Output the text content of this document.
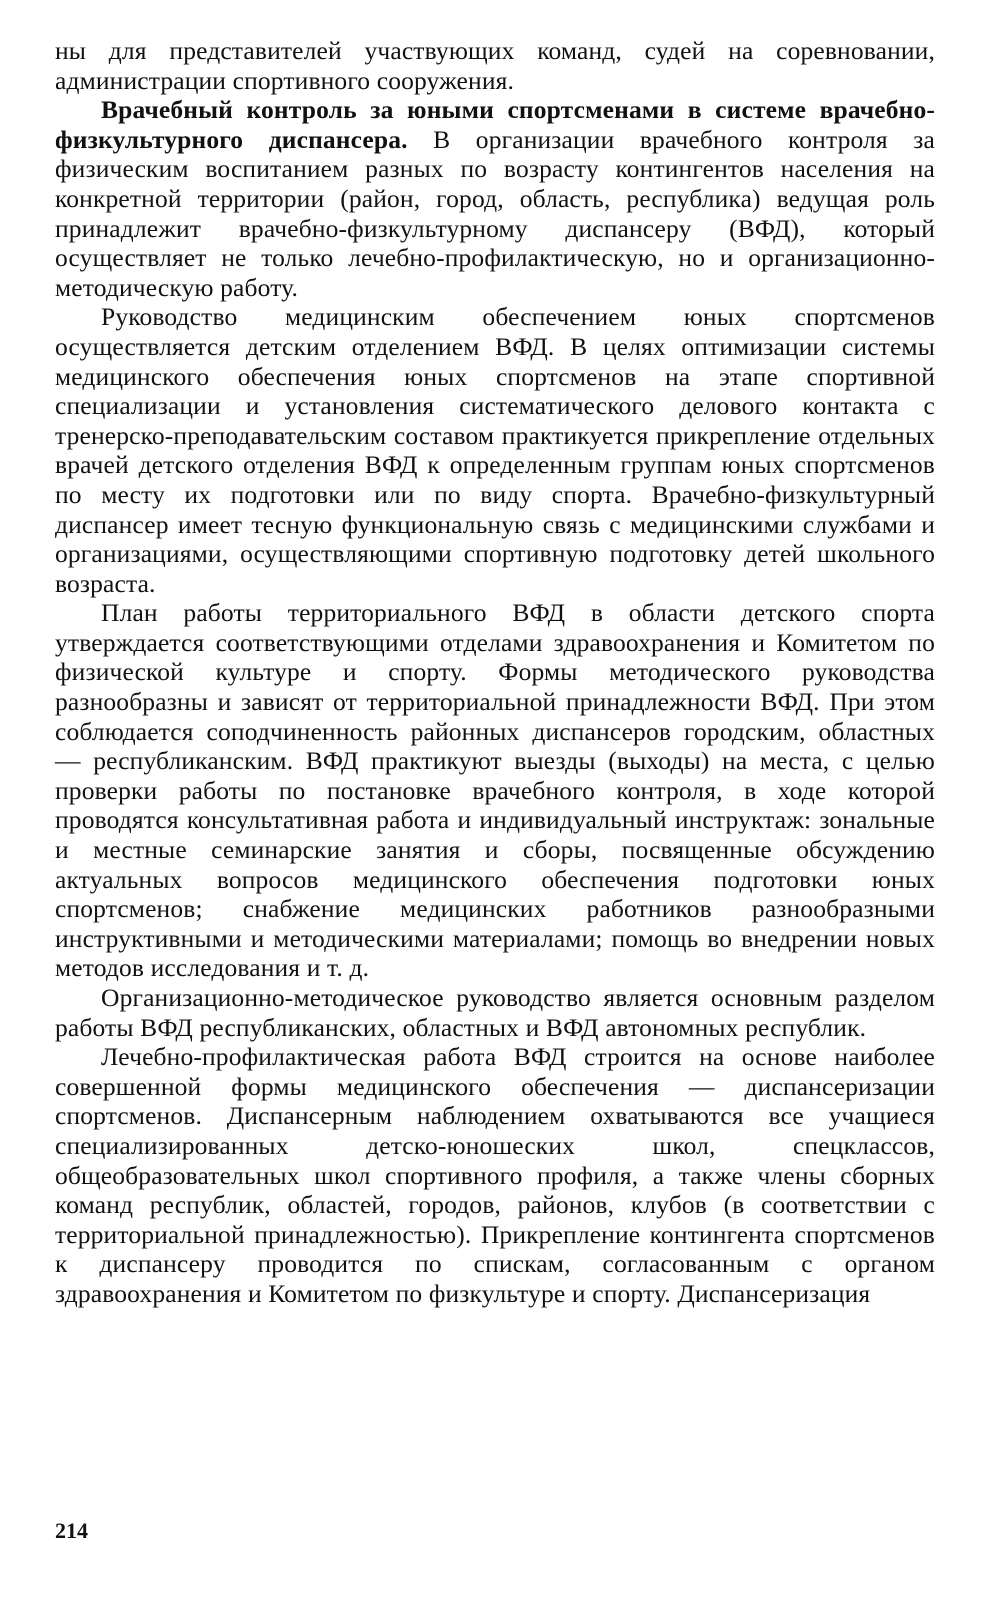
ны для представителей участвующих команд, судей на соревновании, администрации спортивного сооружения.

Врачебный контроль за юными спортсменами в системе врачебно-физкультурного диспансера. В организации врачебного контроля за физическим воспитанием разных по возрасту контингентов населения на конкретной территории (район, город, область, республика) ведущая роль принадлежит врачебно-физкультурному диспансеру (ВФД), который осуществляет не только лечебно-профилактическую, но и организационно-методическую работу.

Руководство медицинским обеспечением юных спортсменов осуществляется детским отделением ВФД. В целях оптимизации системы медицинского обеспечения юных спортсменов на этапе спортивной специализации и установления систематического делового контакта с тренерско-преподавательским составом практикуется прикрепление отдельных врачей детского отделения ВФД к определенным группам юных спортсменов по месту их подготовки или по виду спорта. Врачебно-физкультурный диспансер имеет тесную функциональную связь с медицинскими службами и организациями, осуществляющими спортивную подготовку детей школьного возраста.

План работы территориального ВФД в области детского спорта утверждается соответствующими отделами здравоохранения и Комитетом по физической культуре и спорту. Формы методического руководства разнообразны и зависят от территориальной принадлежности ВФД. При этом соблюдается соподчиненность районных диспансеров городским, областных — республиканским. ВФД практикуют выезды (выходы) на места, с целью проверки работы по постановке врачебного контроля, в ходе которой проводятся консультативная работа и индивидуальный инструктаж: зональные и местные семинарские занятия и сборы, посвященные обсуждению актуальных вопросов медицинского обеспечения подготовки юных спортсменов; снабжение медицинских работников разнообразными инструктивными и методическими материалами; помощь во внедрении новых методов исследования и т. д.

Организационно-методическое руководство является основным разделом работы ВФД республиканских, областных и ВФД автономных республик.

Лечебно-профилактическая работа ВФД строится на основе наиболее совершенной формы медицинского обеспечения — диспансеризации спортсменов. Диспансерным наблюдением охватываются все учащиеся специализированных детско-юношеских школ, спецклассов, общеобразовательных школ спортивного профиля, а также члены сборных команд республик, областей, городов, районов, клубов (в соответствии с территориальной принадлежностью). Прикрепление контингента спортсменов к диспансеру проводится по спискам, согласованным с органом здравоохранения и Комитетом по физкультуре и спорту. Диспансеризация

214
